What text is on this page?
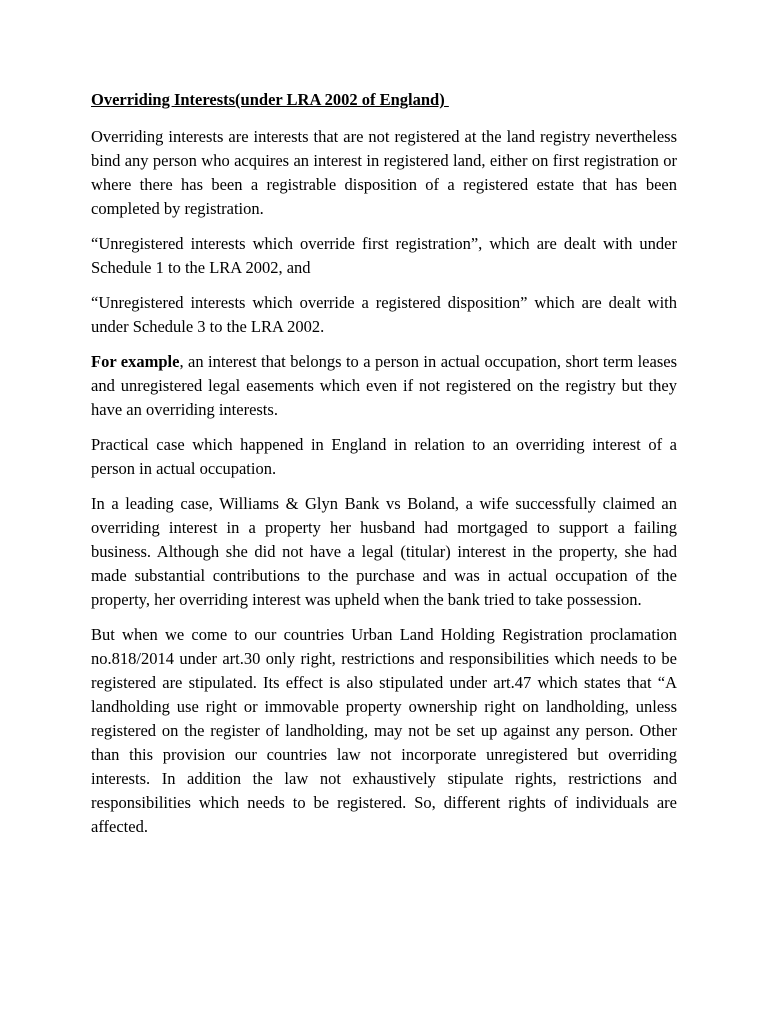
Overriding Interests(under LRA 2002 of England)

Overriding interests are interests that are not registered at the land registry nevertheless bind any person who acquires an interest in registered land, either on first registration or where there has been a registrable disposition of a registered estate that has been completed by registration.

“Unregistered interests which override first registration”, which are dealt with under Schedule 1 to the LRA 2002, and

“Unregistered interests which override a registered disposition” which are dealt with under Schedule 3 to the LRA 2002.

For example, an interest that belongs to a person in actual occupation, short term leases and unregistered legal easements which even if not registered on the registry but they have an overriding interests.

Practical case which happened in England in relation to an overriding interest of a person in actual occupation.

In a leading case, Williams & Glyn Bank vs Boland, a wife successfully claimed an overriding interest in a property her husband had mortgaged to support a failing business. Although she did not have a legal (titular) interest in the property, she had made substantial contributions to the purchase and was in actual occupation of the property, her overriding interest was upheld when the bank tried to take possession.

But when we come to our countries Urban Land Holding Registration proclamation no.818/2014 under art.30 only right, restrictions and responsibilities which needs to be registered are stipulated. Its effect is also stipulated under art.47 which states that “A landholding use right or immovable property ownership right on landholding, unless registered on the register of landholding, may not be set up against any person. Other than this provision our countries law not incorporate unregistered but overriding interests. In addition the law not exhaustively stipulate rights, restrictions and responsibilities which needs to be registered. So, different rights of individuals are affected.
